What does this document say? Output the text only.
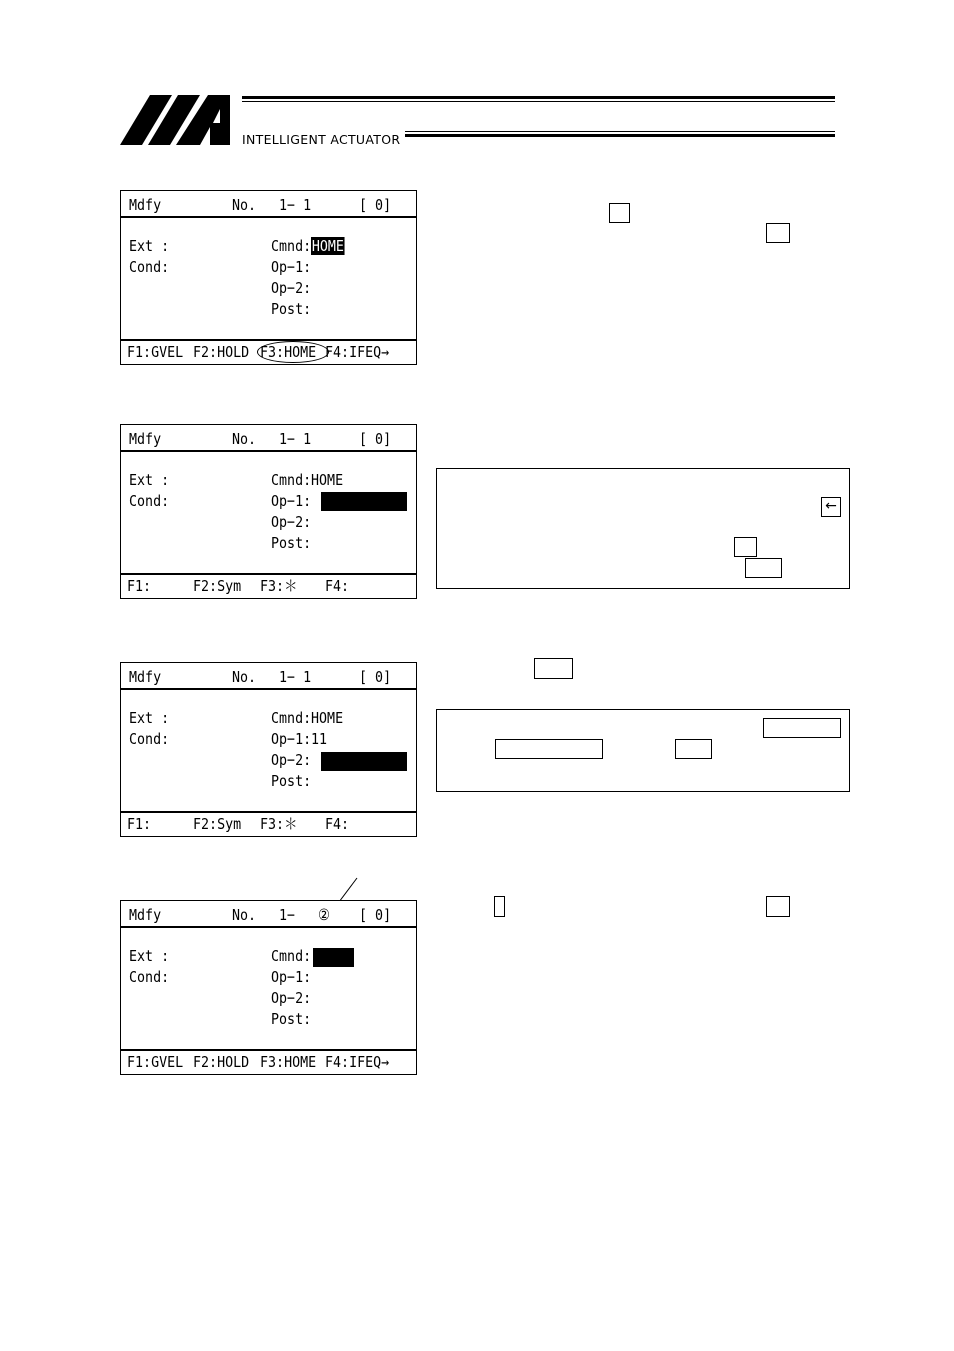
INTELLIGENT ACTUATOR
Mdfy	No. 1− 1	[ 0]
Ext :
Cond:
Cmnd: HOME
Op−1:
Op−2:
Post:
F1:GVEL F2:HOLD F3:HOME F4:IFEQ→
Mdfy	No. 1− 1	[ 0]
Ext :
Cond:
Cmnd: HOME
Op−1:
Op−2:
Post:
F1:	F2:Sym F3:＊ F4:
←
Mdfy	No. 1− 1	[ 0]
Ext :
Cond:
Cmnd: HOME
Op−1: 11
Op−2:
Post:
F1:	F2:Sym F3:＊ F4:
Mdfy	No. 1− ② [ 0]
Ext :
Cond:
Cmnd:
Op−1:
Op−2:
Post:
F1:GVEL F2:HOLD F3:HOME F4:IFEQ→
